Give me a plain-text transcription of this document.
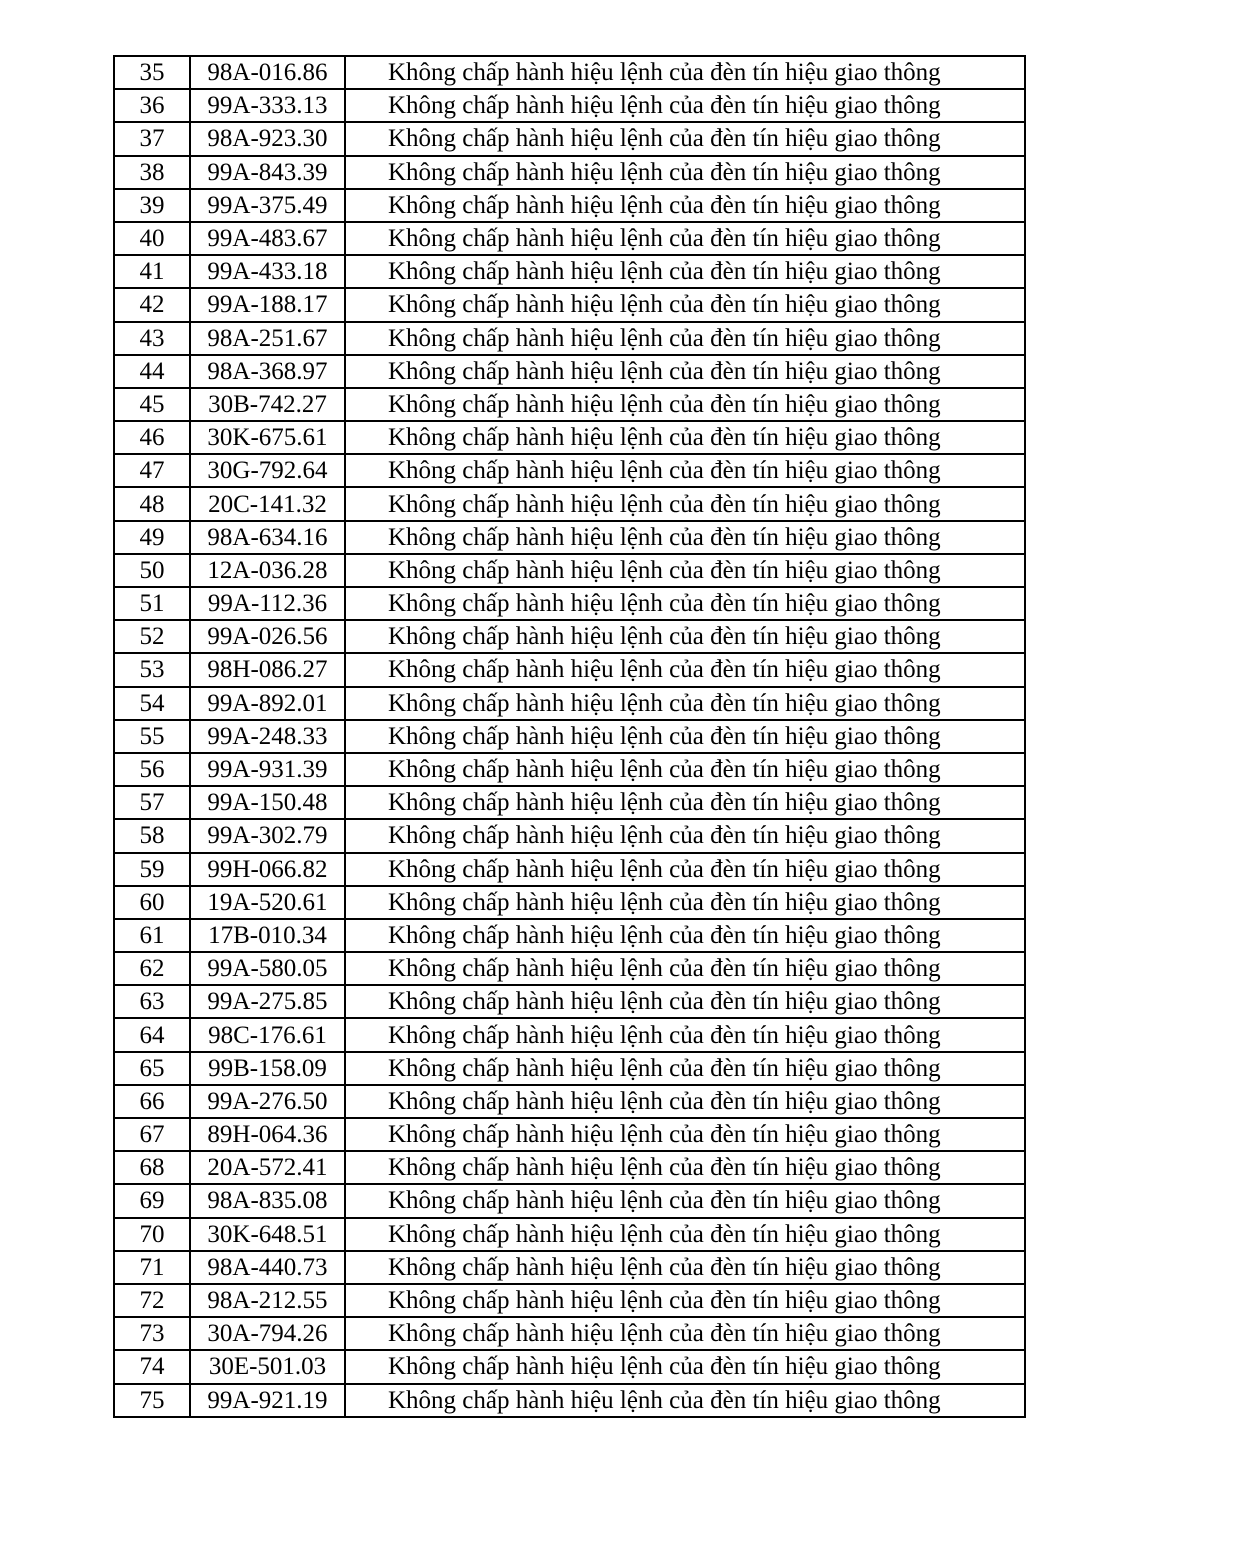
35	98A-016.86	Không chấp hành hiệu lệnh của đèn tín hiệu giao thông
36	99A-333.13	Không chấp hành hiệu lệnh của đèn tín hiệu giao thông
37	98A-923.30	Không chấp hành hiệu lệnh của đèn tín hiệu giao thông
38	99A-843.39	Không chấp hành hiệu lệnh của đèn tín hiệu giao thông
39	99A-375.49	Không chấp hành hiệu lệnh của đèn tín hiệu giao thông
40	99A-483.67	Không chấp hành hiệu lệnh của đèn tín hiệu giao thông
41	99A-433.18	Không chấp hành hiệu lệnh của đèn tín hiệu giao thông
42	99A-188.17	Không chấp hành hiệu lệnh của đèn tín hiệu giao thông
43	98A-251.67	Không chấp hành hiệu lệnh của đèn tín hiệu giao thông
44	98A-368.97	Không chấp hành hiệu lệnh của đèn tín hiệu giao thông
45	30B-742.27	Không chấp hành hiệu lệnh của đèn tín hiệu giao thông
46	30K-675.61	Không chấp hành hiệu lệnh của đèn tín hiệu giao thông
47	30G-792.64	Không chấp hành hiệu lệnh của đèn tín hiệu giao thông
48	20C-141.32	Không chấp hành hiệu lệnh của đèn tín hiệu giao thông
49	98A-634.16	Không chấp hành hiệu lệnh của đèn tín hiệu giao thông
50	12A-036.28	Không chấp hành hiệu lệnh của đèn tín hiệu giao thông
51	99A-112.36	Không chấp hành hiệu lệnh của đèn tín hiệu giao thông
52	99A-026.56	Không chấp hành hiệu lệnh của đèn tín hiệu giao thông
53	98H-086.27	Không chấp hành hiệu lệnh của đèn tín hiệu giao thông
54	99A-892.01	Không chấp hành hiệu lệnh của đèn tín hiệu giao thông
55	99A-248.33	Không chấp hành hiệu lệnh của đèn tín hiệu giao thông
56	99A-931.39	Không chấp hành hiệu lệnh của đèn tín hiệu giao thông
57	99A-150.48	Không chấp hành hiệu lệnh của đèn tín hiệu giao thông
58	99A-302.79	Không chấp hành hiệu lệnh của đèn tín hiệu giao thông
59	99H-066.82	Không chấp hành hiệu lệnh của đèn tín hiệu giao thông
60	19A-520.61	Không chấp hành hiệu lệnh của đèn tín hiệu giao thông
61	17B-010.34	Không chấp hành hiệu lệnh của đèn tín hiệu giao thông
62	99A-580.05	Không chấp hành hiệu lệnh của đèn tín hiệu giao thông
63	99A-275.85	Không chấp hành hiệu lệnh của đèn tín hiệu giao thông
64	98C-176.61	Không chấp hành hiệu lệnh của đèn tín hiệu giao thông
65	99B-158.09	Không chấp hành hiệu lệnh của đèn tín hiệu giao thông
66	99A-276.50	Không chấp hành hiệu lệnh của đèn tín hiệu giao thông
67	89H-064.36	Không chấp hành hiệu lệnh của đèn tín hiệu giao thông
68	20A-572.41	Không chấp hành hiệu lệnh của đèn tín hiệu giao thông
69	98A-835.08	Không chấp hành hiệu lệnh của đèn tín hiệu giao thông
70	30K-648.51	Không chấp hành hiệu lệnh của đèn tín hiệu giao thông
71	98A-440.73	Không chấp hành hiệu lệnh của đèn tín hiệu giao thông
72	98A-212.55	Không chấp hành hiệu lệnh của đèn tín hiệu giao thông
73	30A-794.26	Không chấp hành hiệu lệnh của đèn tín hiệu giao thông
74	30E-501.03	Không chấp hành hiệu lệnh của đèn tín hiệu giao thông
75	99A-921.19	Không chấp hành hiệu lệnh của đèn tín hiệu giao thông
